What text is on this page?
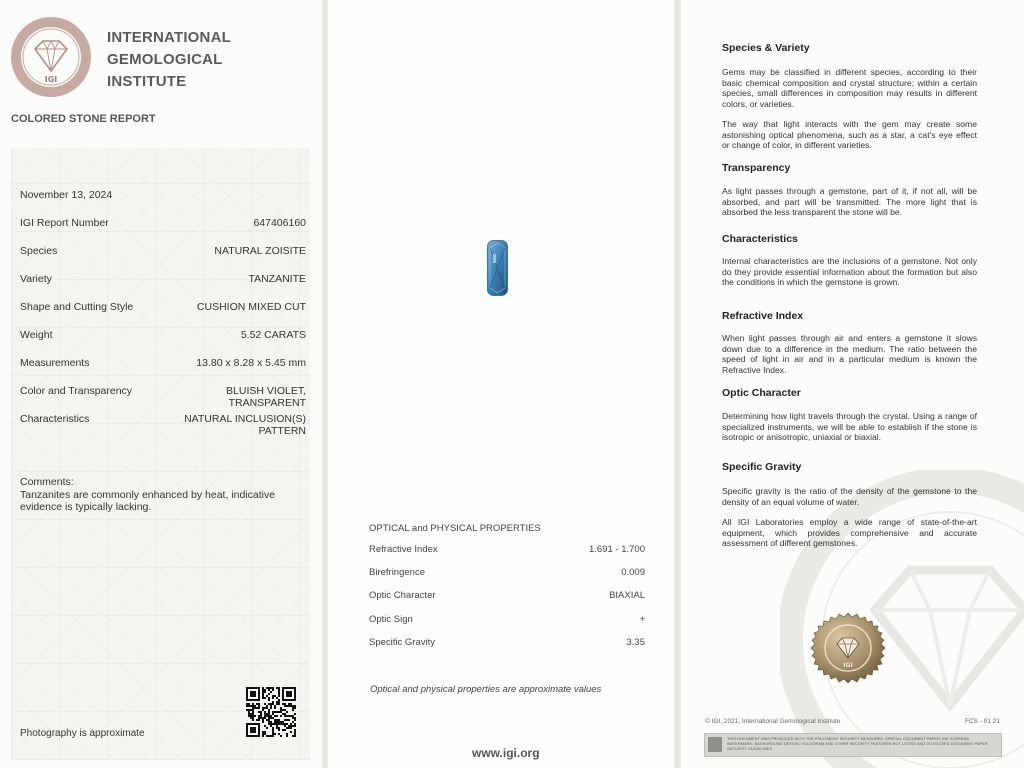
IGI
INTERNATIONAL
GEMOLOGICAL
INSTITUTE
COLORED STONE REPORT
November 13, 2024
IGI Report Number	647406160
Species	NATURAL ZOISITE
Variety	TANZANITE
Shape and Cutting Style	CUSHION MIXED CUT
Weight	5.52 CARATS
Measurements	13.80 x 8.28 x 5.45 mm
Color and Transparency	BLUISH VIOLET,
TRANSPARENT
Characteristics	NATURAL INCLUSION(S)
PATTERN
Comments:
Tanzanites are commonly enhanced by heat, indicative evidence is typically lacking.
Photography is approximate
OPTICAL and PHYSICAL PROPERTIES
Refractive Index	1.691 - 1.700
Birefringence	0.009
Optic Character	BIAXIAL
Optic Sign	+
Specific Gravity	3.35
Optical and physical properties are approximate values
www.igi.org
Species & Variety
Gems may be classified in different species, according to their basic chemical composition and crystal structure; within a certain species, small differences in composition may results in different colors, or varieties.
The way that light interacts with the gem may create some astonishing optical phenomena, such as a star, a cat's eye effect or change of color, in different varieties.
Transparency
As light passes through a gemstone, part of it, if not all, will be absorbed, and part will be transmitted. The more light that is absorbed the less transparent the stone will be.
Characteristics
Internal characteristics are the inclusions of a gemstone. Not only do they provide essential information about the formation but also the conditions in which the gemstone is grown.
Refractive Index
When light passes through air and enters a gemstone it slows down due to a difference in the medium. The ratio between the speed of light in air and in a particular medium is known the Refractive Index.
Optic Character
Determining how light travels through the crystal. Using a range of specialized instruments, we will be able to establish if the stone is isotropic or anisotropic, uniaxial or biaxial.
Specific Gravity
Specific gravity is the ratio of the density of the gemstone to the density of an equal volume of water.
All IGI Laboratories employ a wide range of state-of-the-art equipment, which provides comprehensive and accurate assessment of different gemstones.
IGI
© IGI, 2021, International Gemological Institute	FCS - 01 21
THIS DOCUMENT WAS PRODUCED WITH THE FOLLOWING SECURITY MEASURES: SPECIAL DOCUMENT PAPER, INK SCREENS, WATERMARK, BACKGROUND DESIGN, HOLOGRAM AND OTHER SECURITY FEATURES NOT LISTED AND DO EXCEED DOCUMENT PAPER SECURITY GUIDELINES
